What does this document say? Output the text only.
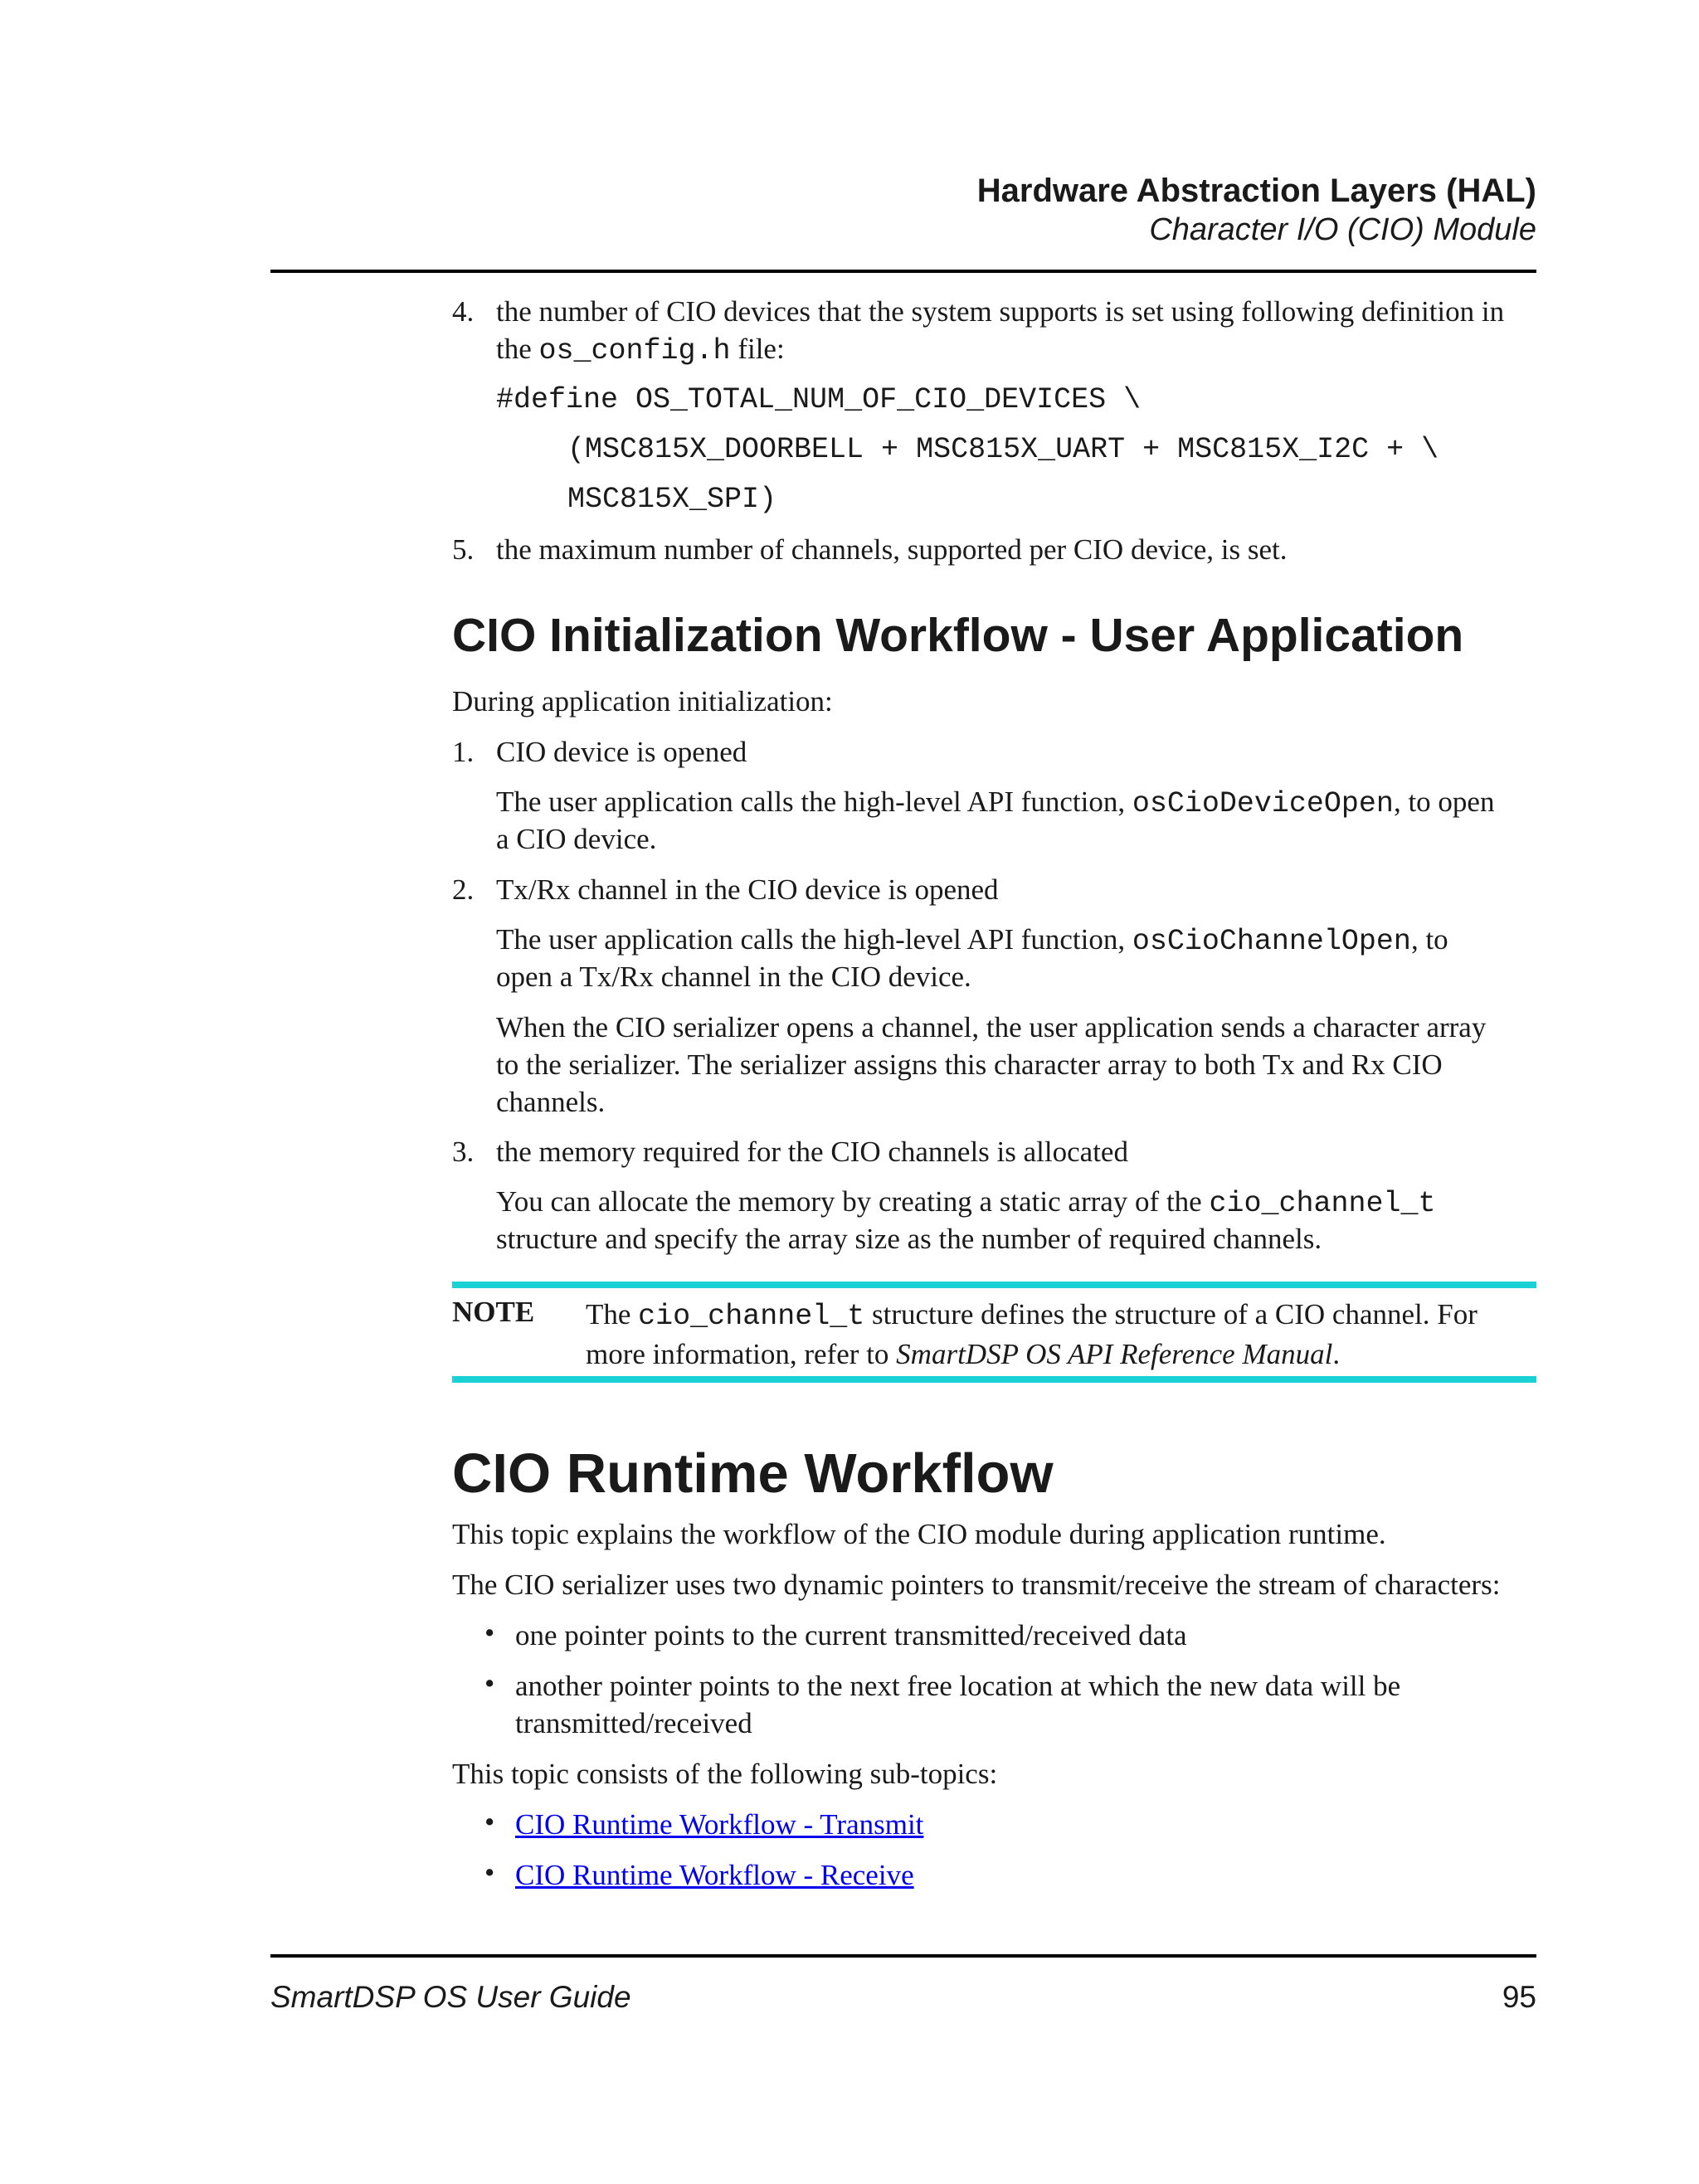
Hardware Abstraction Layers (HAL)
Character I/O (CIO) Module
4. the number of CIO devices that the system supports is set using following definition in
the os_config.h file:
#define OS_TOTAL_NUM_OF_CIO_DEVICES \
(MSC815X_DOORBELL + MSC815X_UART + MSC815X_I2C + \
MSC815X_SPI)
5. the maximum number of channels, supported per CIO device, is set.
CIO Initialization Workflow - User Application
During application initialization:
1. CIO device is opened
The user application calls the high-level API function, osCioDeviceOpen, to open
a CIO device.
2. Tx/Rx channel in the CIO device is opened
The user application calls the high-level API function, osCioChannelOpen, to
open a Tx/Rx channel in the CIO device.
When the CIO serializer opens a channel, the user application sends a character array
to the serializer. The serializer assigns this character array to both Tx and Rx CIO
channels.
3. the memory required for the CIO channels is allocated
You can allocate the memory by creating a static array of the cio_channel_t
structure and specify the array size as the number of required channels.
NOTE The cio_channel_t structure defines the structure of a CIO channel. For
more information, refer to SmartDSP OS API Reference Manual.
CIO Runtime Workflow
This topic explains the workflow of the CIO module during application runtime.
The CIO serializer uses two dynamic pointers to transmit/receive the stream of characters:
• one pointer points to the current transmitted/received data
• another pointer points to the next free location at which the new data will be
transmitted/received
This topic consists of the following sub-topics:
• CIO Runtime Workflow - Transmit
• CIO Runtime Workflow - Receive
SmartDSP OS User Guide	95
